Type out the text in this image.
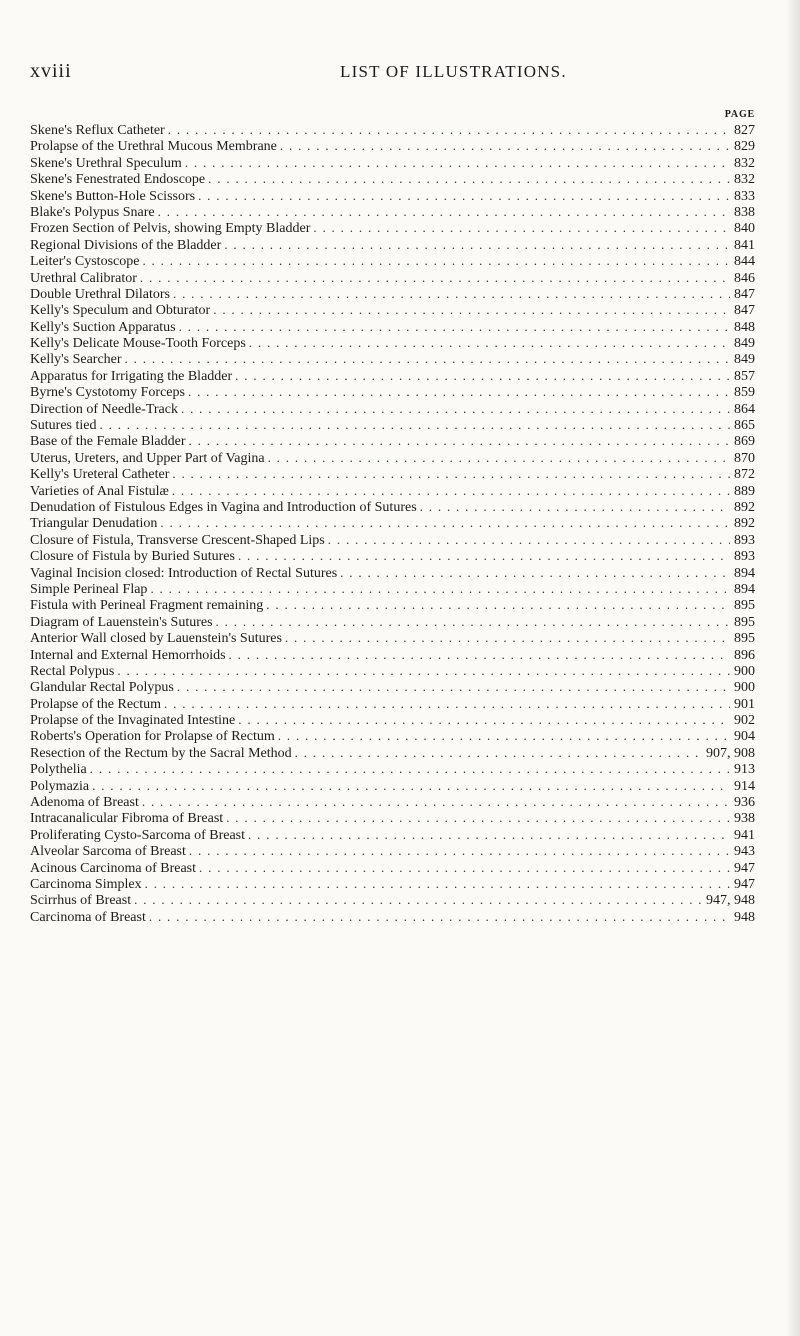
xviii	LIST OF ILLUSTRATIONS.
PAGE
Skene's Reflux Catheter . . .	827
Prolapse of the Urethral Mucous Membrane . . .	829
Skene's Urethral Speculum . . .	832
Skene's Fenestrated Endoscope . . .	832
Skene's Button-Hole Scissors . . .	833
Blake's Polypus Snare . . .	838
Frozen Section of Pelvis, showing Empty Bladder . . .	840
Regional Divisions of the Bladder . . .	841
Leiter's Cystoscope . . .	844
Urethral Calibrator . . .	846
Double Urethral Dilators . . .	847
Kelly's Speculum and Obturator . . .	847
Kelly's Suction Apparatus . . .	848
Kelly's Delicate Mouse-Tooth Forceps . . .	849
Kelly's Searcher . . .	849
Apparatus for Irrigating the Bladder . . .	857
Byrne's Cystotomy Forceps . . .	859
Direction of Needle-Track . . .	864
Sutures tied . . .	865
Base of the Female Bladder . . .	869
Uterus, Ureters, and Upper Part of Vagina . . .	870
Kelly's Ureteral Catheter . . .	872
Varieties of Anal Fistulæ . . .	889
Denudation of Fistulous Edges in Vagina and Introduction of Sutures . . .	892
Triangular Denudation . . .	892
Closure of Fistula, Transverse Crescent-Shaped Lips . . .	893
Closure of Fistula by Buried Sutures . . .	893
Vaginal Incision closed: Introduction of Rectal Sutures . . .	894
Simple Perineal Flap . . .	894
Fistula with Perineal Fragment remaining . . .	895
Diagram of Lauenstein's Sutures . . .	895
Anterior Wall closed by Lauenstein's Sutures . . .	895
Internal and External Hemorrhoids . . .	896
Rectal Polypus . . .	900
Glandular Rectal Polypus . . .	900
Prolapse of the Rectum . . .	901
Prolapse of the Invaginated Intestine . . .	902
Roberts's Operation for Prolapse of Rectum . . .	904
Resection of the Rectum by the Sacral Method . . .	907, 908
Polythelia . . .	913
Polymazia . . .	914
Adenoma of Breast . . .	936
Intracanalicular Fibroma of Breast . . .	938
Proliferating Cysto-Sarcoma of Breast . . .	941
Alveolar Sarcoma of Breast . . .	943
Acinous Carcinoma of Breast . . .	947
Carcinoma Simplex . . .	947
Scirrhus of Breast . . .	947, 948
Carcinoma of Breast . . .	948
